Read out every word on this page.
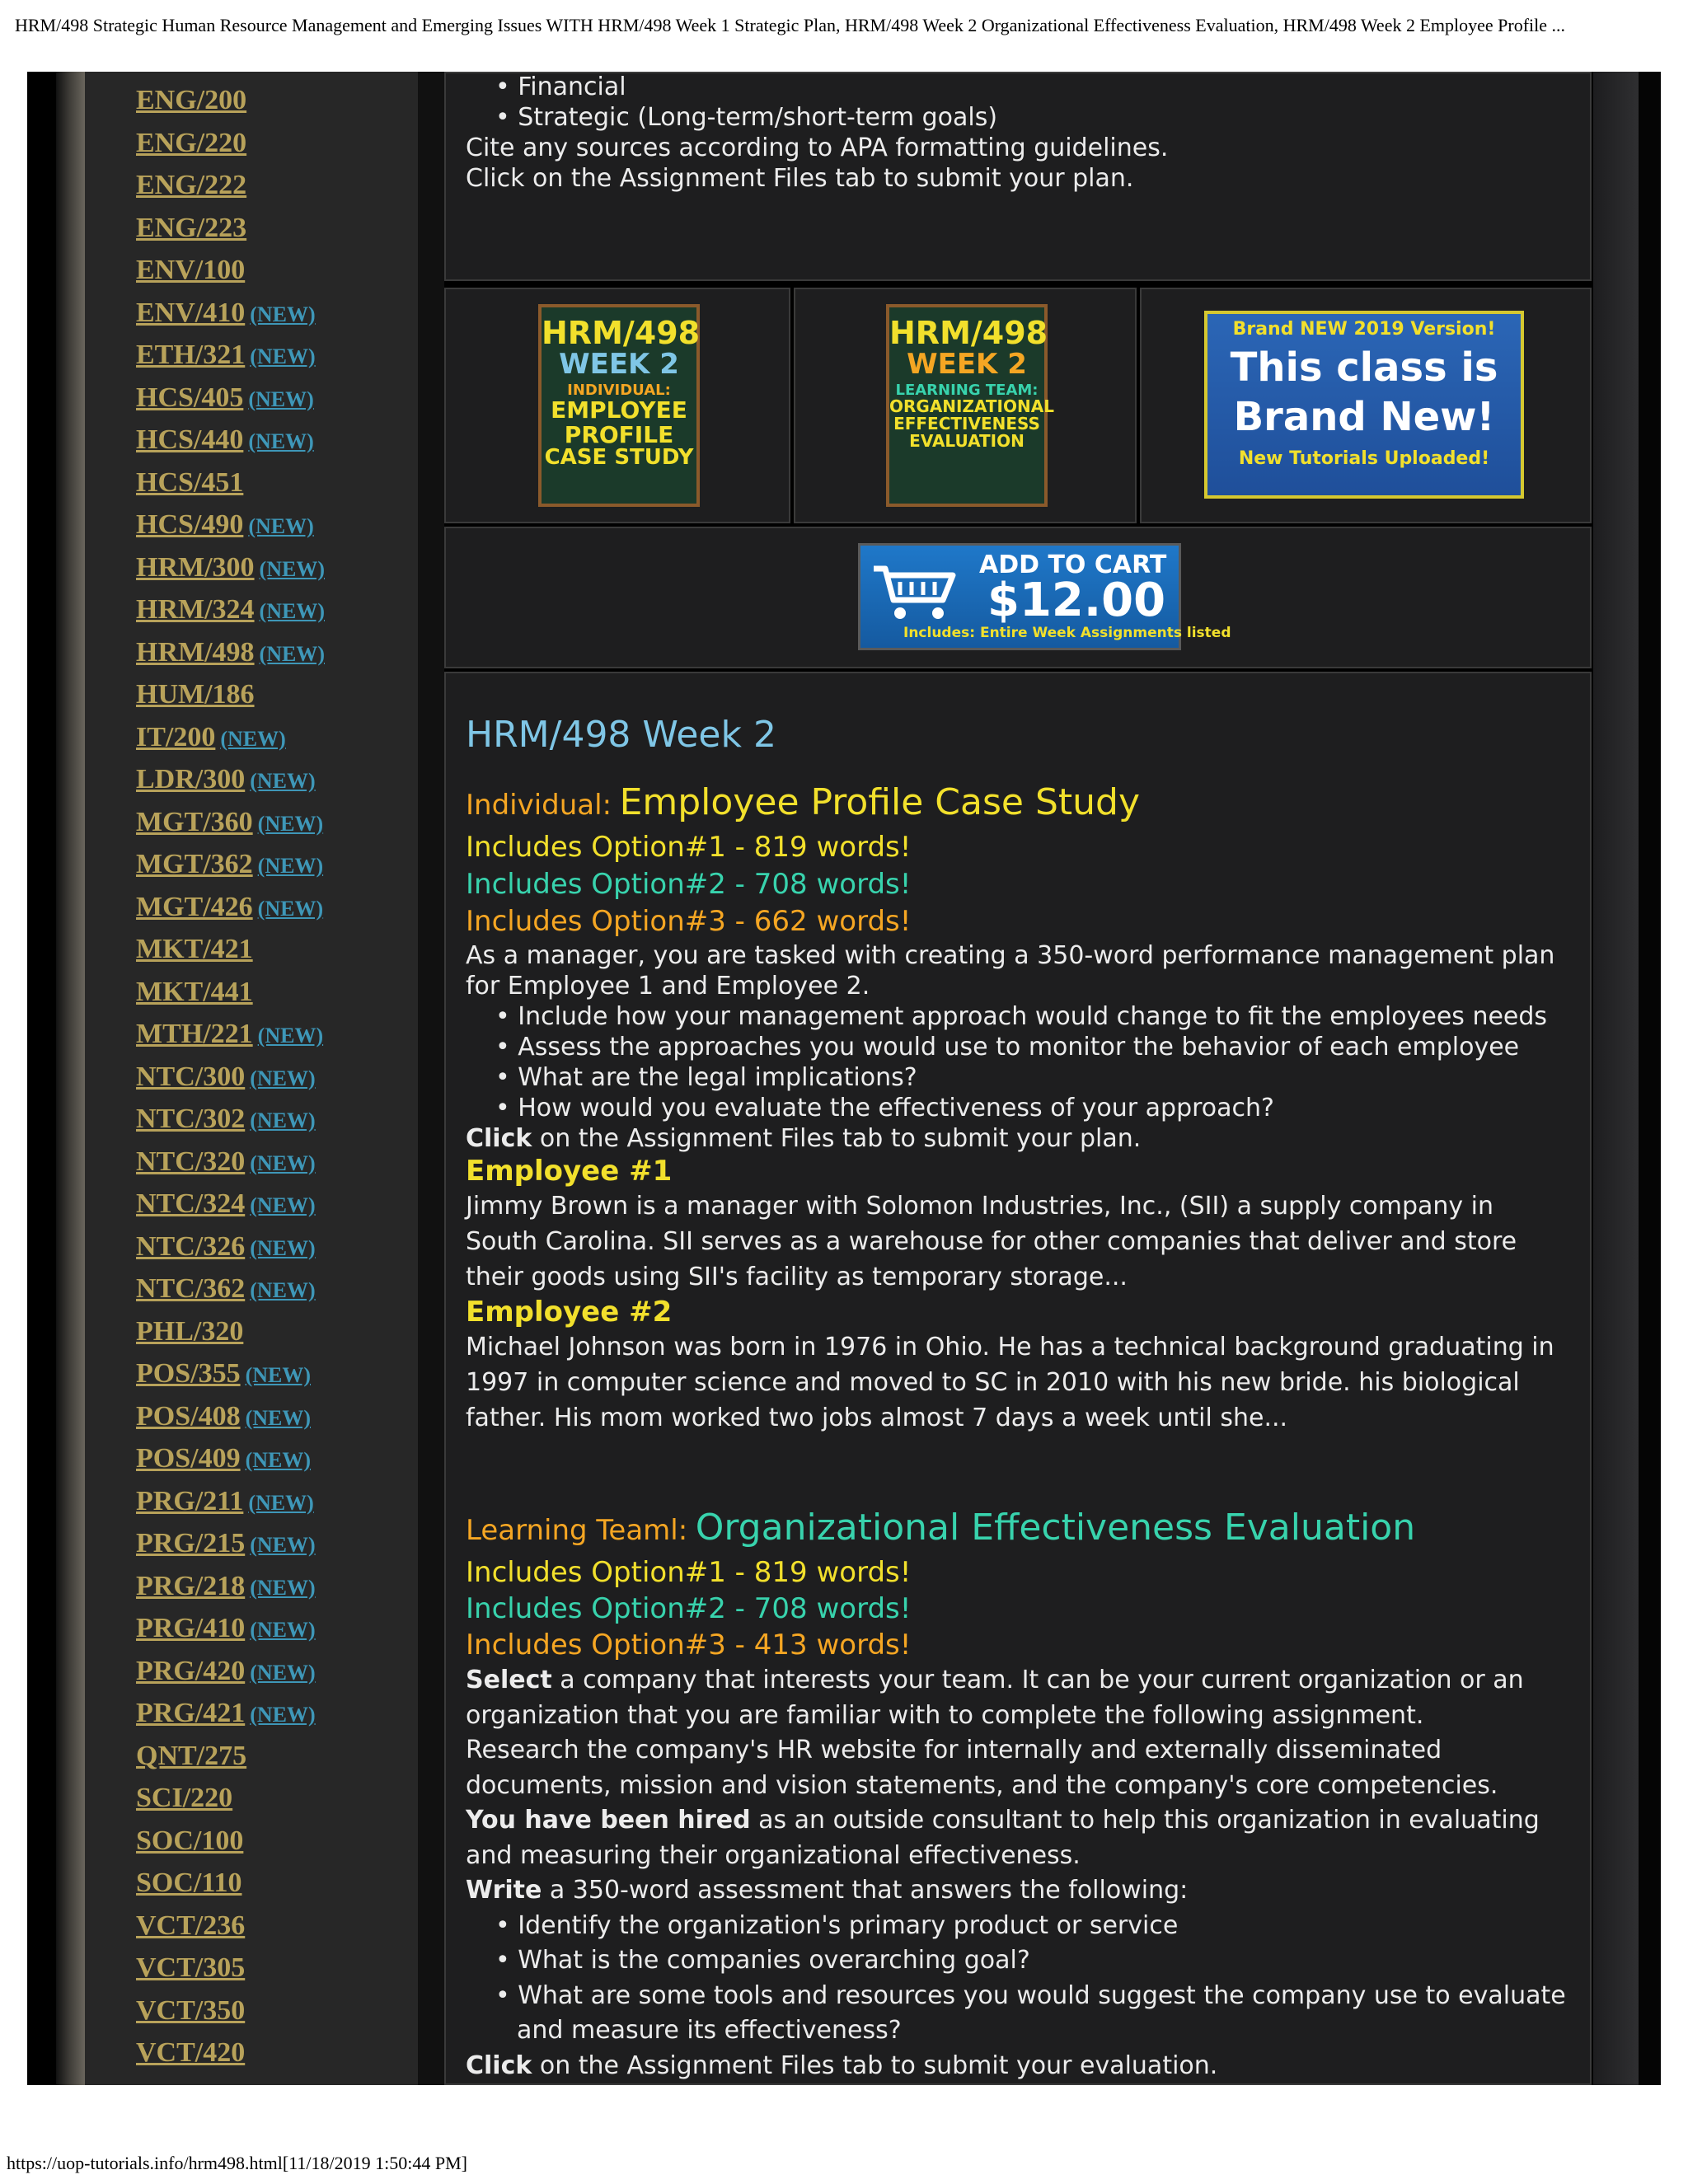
HRM/498 Strategic Human Resource Management and Emerging Issues WITH HRM/498 Week 1 Strategic Plan, HRM/498 Week 2 Organizational Effectiveness Evaluation, HRM/498 Week 2 Employee Profile ...
ENG/200
ENG/220
ENG/222
ENG/223
ENV/100
ENV/410 (NEW)
ETH/321 (NEW)
HCS/405 (NEW)
HCS/440 (NEW)
HCS/451
HCS/490 (NEW)
HRM/300 (NEW)
HRM/324 (NEW)
HRM/498 (NEW)
HUM/186
IT/200 (NEW)
LDR/300 (NEW)
MGT/360 (NEW)
MGT/362 (NEW)
MGT/426 (NEW)
MKT/421
MKT/441
MTH/221 (NEW)
NTC/300 (NEW)
NTC/302 (NEW)
NTC/320 (NEW)
NTC/324 (NEW)
NTC/326 (NEW)
NTC/362 (NEW)
PHL/320
POS/355 (NEW)
POS/408 (NEW)
POS/409 (NEW)
PRG/211 (NEW)
PRG/215 (NEW)
PRG/218 (NEW)
PRG/410 (NEW)
PRG/420 (NEW)
PRG/421 (NEW)
QNT/275
SCI/220
SOC/100
SOC/110
VCT/236
VCT/305
VCT/350
VCT/420
• Financial
• Strategic (Long-term/short-term goals)
Cite any sources according to APA formatting guidelines.
Click on the Assignment Files tab to submit your plan.
HRM/498
WEEK 2
INDIVIDUAL:
EMPLOYEE
PROFILE
CASE STUDY
HRM/498
WEEK 2
LEARNING TEAM:
ORGANIZATIONAL
EFFECTIVENESS
EVALUATION
Brand NEW 2019 Version!
This class is
Brand New!
New Tutorials Uploaded!
ADD TO CART
$12.00
Includes: Entire Week Assignments listed
HRM/498 Week 2
Individual: Employee Profile Case Study
Includes Option#1 - 819 words!
Includes Option#2 - 708 words!
Includes Option#3 - 662 words!
As a manager, you are tasked with creating a 350-word performance management plan for Employee 1 and Employee 2.
• Include how your management approach would change to fit the employees needs
• Assess the approaches you would use to monitor the behavior of each employee
• What are the legal implications?
• How would you evaluate the effectiveness of your approach?
Click on the Assignment Files tab to submit your plan.
Employee #1
Jimmy Brown is a manager with Solomon Industries, Inc., (SII) a supply company in South Carolina. SII serves as a warehouse for other companies that deliver and store their goods using SII's facility as temporary storage...
Employee #2
Michael Johnson was born in 1976 in Ohio. He has a technical background graduating in 1997 in computer science and moved to SC in 2010 with his new bride. his biological father. His mom worked two jobs almost 7 days a week until she...
Learning Teaml: Organizational Effectiveness Evaluation
Includes Option#1 - 819 words!
Includes Option#2 - 708 words!
Includes Option#3 - 413 words!
Select a company that interests your team. It can be your current organization or an organization that you are familiar with to complete the following assignment.
Research the company's HR website for internally and externally disseminated documents, mission and vision statements, and the company's core competencies.
You have been hired as an outside consultant to help this organization in evaluating and measuring their organizational effectiveness.
Write a 350-word assessment that answers the following:
• Identify the organization's primary product or service
• What is the companies overarching goal?
• What are some tools and resources you would suggest the company use to evaluate and measure its effectiveness?
Click on the Assignment Files tab to submit your evaluation.
https://uop-tutorials.info/hrm498.html[11/18/2019 1:50:44 PM]
